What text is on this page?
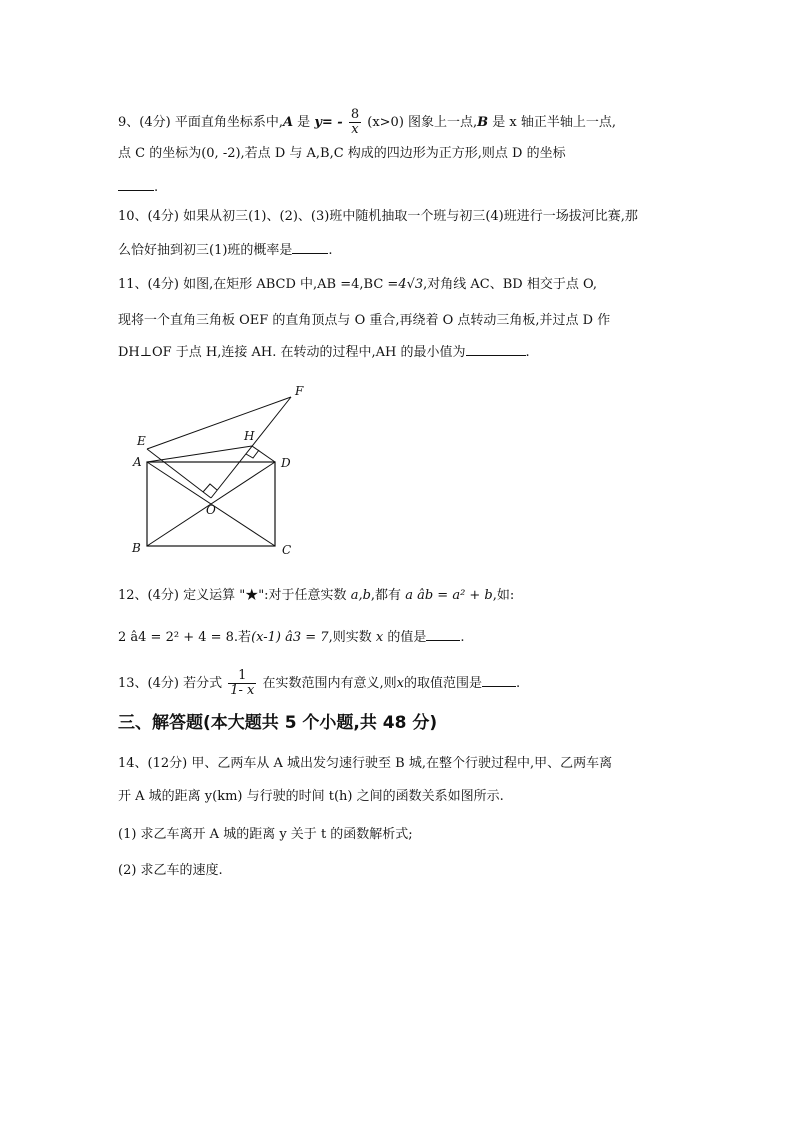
9、(4分) 平面直角坐标系中,A 是 $y= - \frac{8}{x} (x>0)$ 图象上一点,B 是 x 轴正半轴上一点,
点 C 的坐标为(0, -2),若点 D 与 A,B,C 构成的四边形为正方形,则点 D 的坐标
.
10、(4分) 如果从初三(1)、(2)、(3)班中随机抽取一个班与初三(4)班进行一场拔河比赛,那
么恰好抽到初三(1)班的概率是	.
11、(4分) 如图,在矩形 ABCD 中,AB =4,BC =4√3,对角线 AC、BD 相交于点 O,
现将一个直角三角板 OEF 的直角顶点与 O 重合,再绕着 O 点转动三角板,并过点 D 作
DH⊥OF 于点 H,连接 AH. 在转动的过程中,AH 的最小值为	.
E
F
H
A	D
O
B	C
12、(4分) 定义运算 "★":对于任意实数 a,b,都有 a âb = a² + b,如:
2 â4 = 2² + 4 = 8.若(x-1) â3 = 7,则实数 x 的值是	.
13、(4分) 若分式 $\frac{1}{1- x}$ 在实数范围内有意义,则x的取值范围是	.
三、解答题(本大题共 5 个小题,共 48 分)
14、(12分) 甲、乙两车从 A 城出发匀速行驶至 B 城,在整个行驶过程中,甲、乙两车离
开 A 城的距离 y(km) 与行驶的时间 t(h) 之间的函数关系如图所示.
(1) 求乙车离开 A 城的距离 y 关于 t 的函数解析式;
(2) 求乙车的速度.
